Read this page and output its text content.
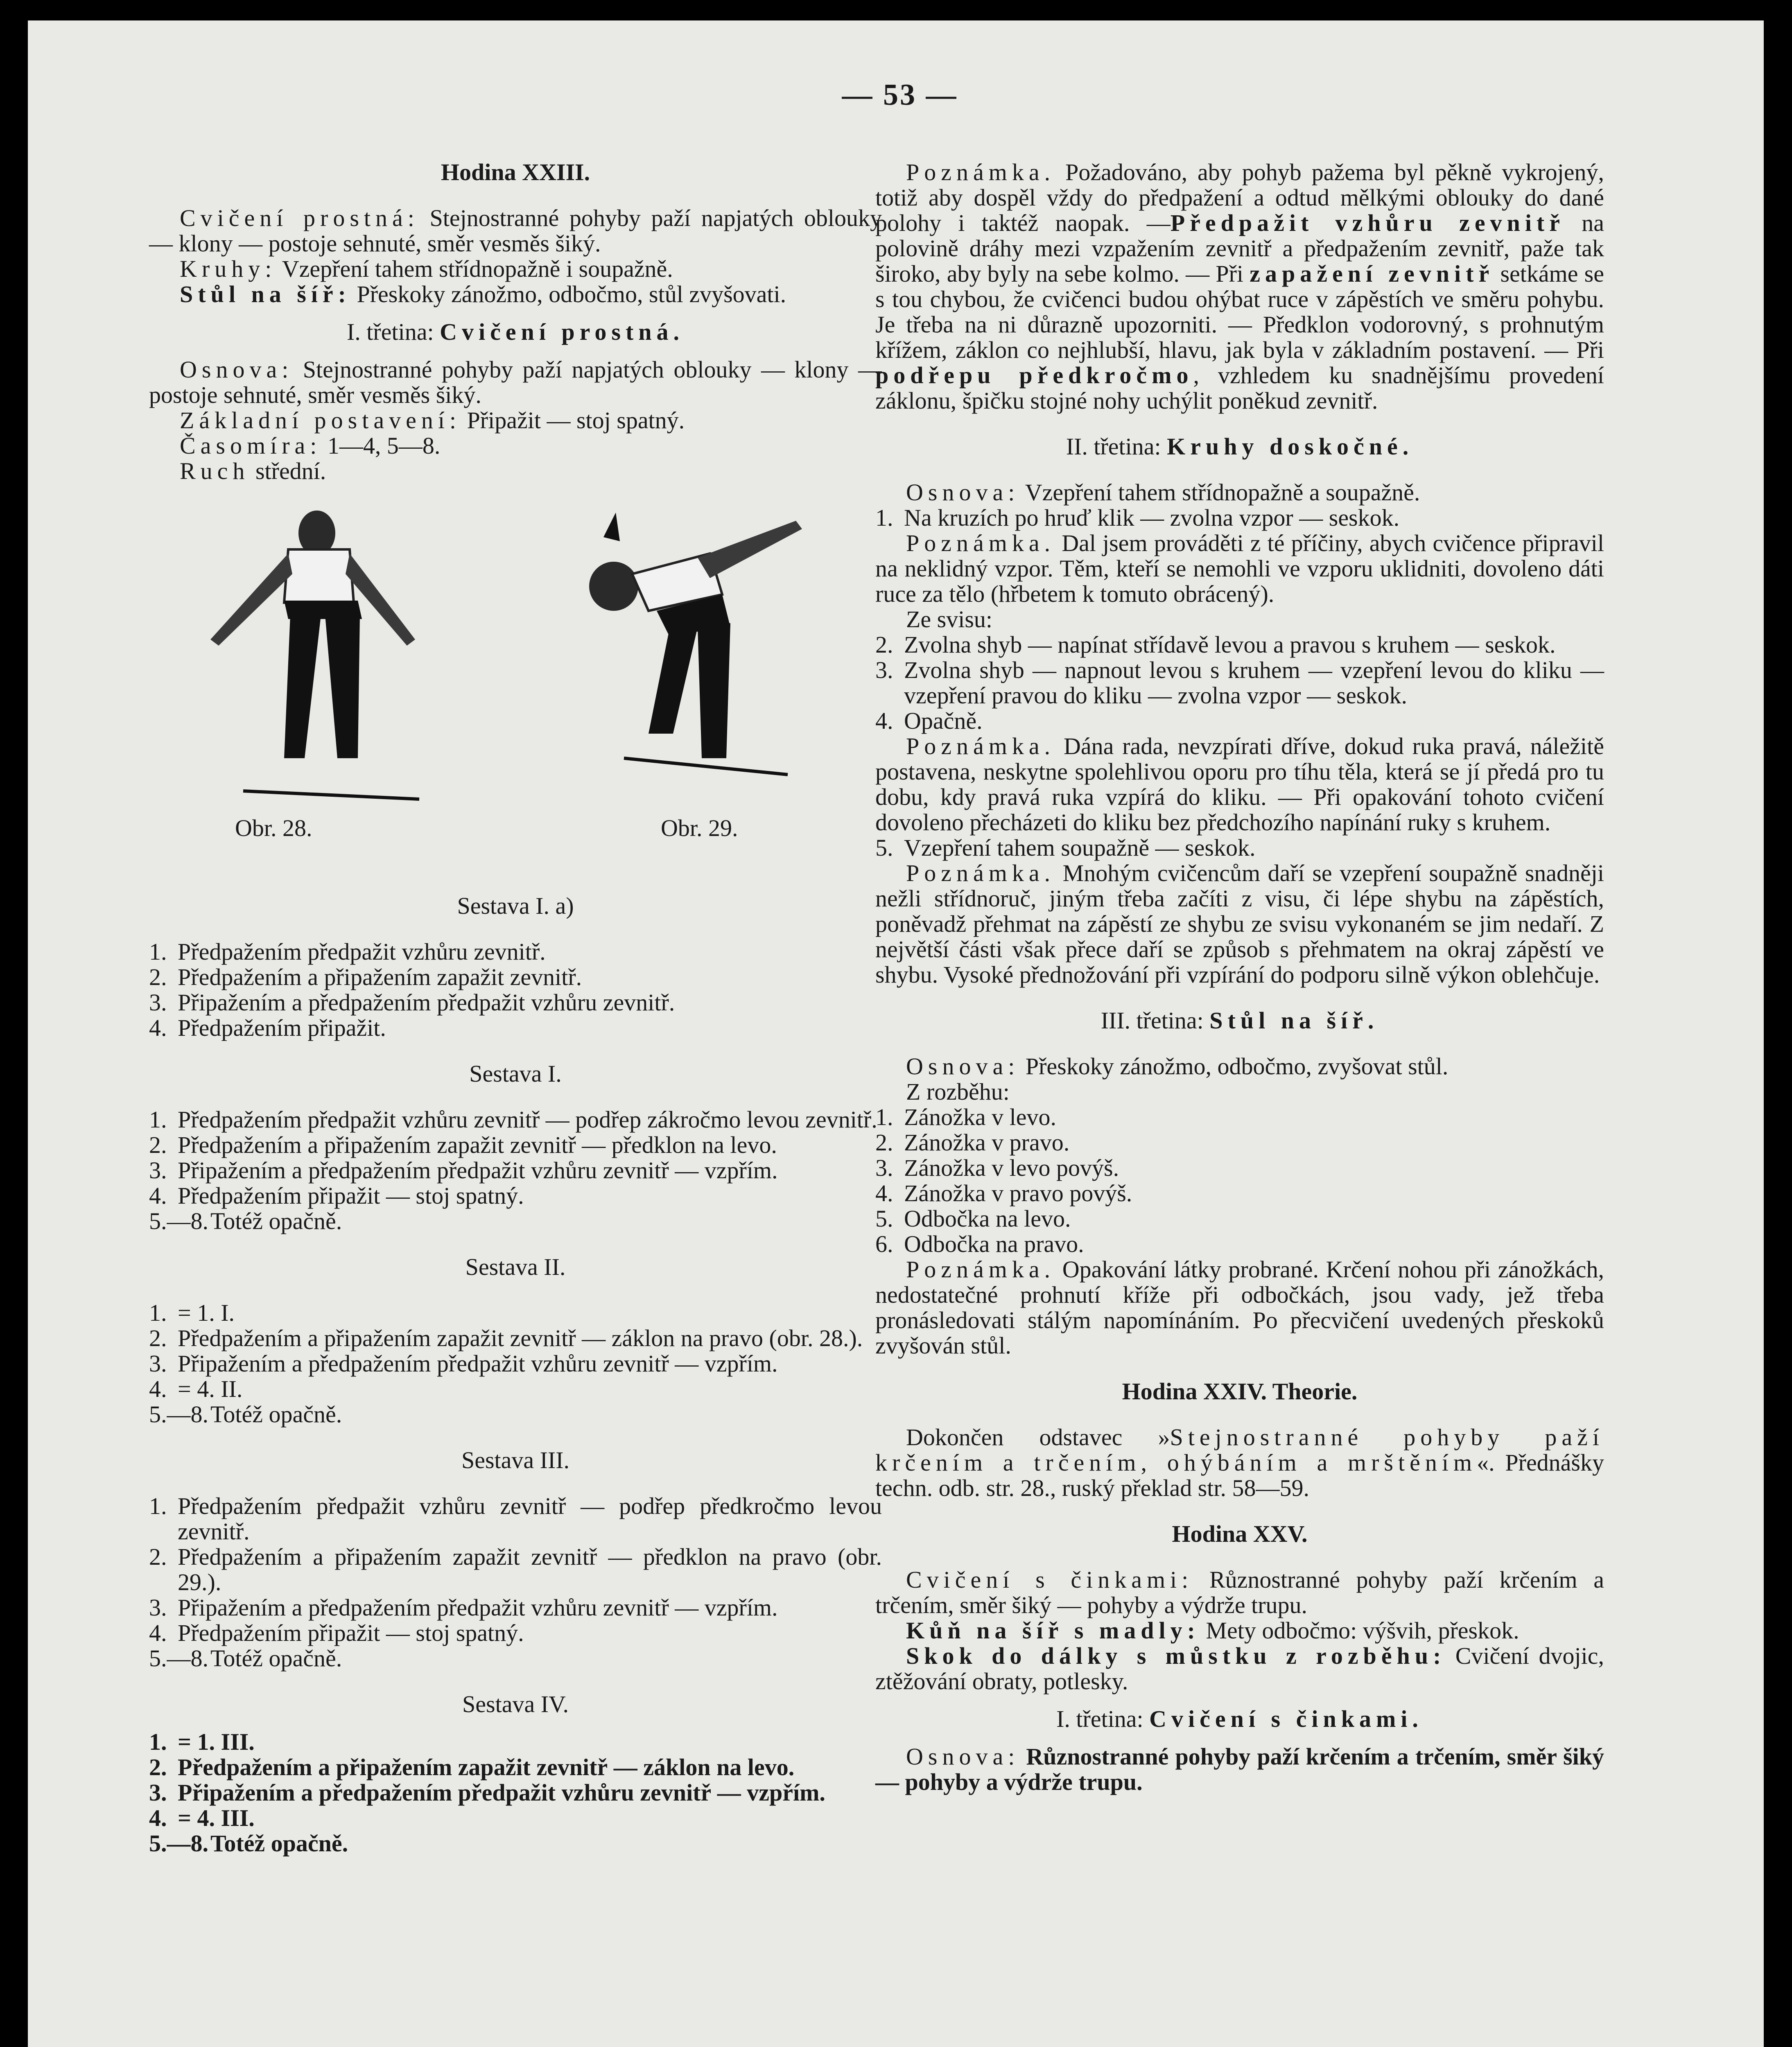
— 53 —

Hodina XXIII.

Cvičení prostná: Stejnostranné pohyby paží napjatých oblouky — klony — postoje sehnuté, směr vesměs šiký.

Kruhy: Vzepření tahem střídnopažně i soupažně.

Stůl na šíř: Přeskoky zánožmo, odbočmo, stůl zvyšovati.

I. třetina: Cvičení prostná.

Osnova: Stejnostranné pohyby paží napjatých oblouky — klony — postoje sehnuté, směr vesměs šiký.

Základní postavení: Připažit — stoj spatný.

Časomíra: 1—4, 5—8.

Ruch střední.

Obr. 28.	Obr. 29.

Sestava I. a)

1. Předpažením předpažit vzhůru zevnitř.

2. Předpažením a připažením zapažit zevnitř.

3. Připažením a předpažením předpažit vzhůru zevnitř.

4. Předpažením připažit.

Sestava I.

1. Předpažením předpažit vzhůru zevnitř — podřep zákročmo levou zevnitř.

2. Předpažením a připažením zapažit zevnitř — předklon na levo.

3. Připažením a předpažením předpažit vzhůru zevnitř — vzpřím.

4. Předpažením připažit — stoj spatný.

5.—8. Totéž opačně.

Sestava II.

1. = 1. I.

2. Předpažením a připažením zapažit zevnitř — záklon na pravo (obr. 28.).

3. Připažením a předpažením předpažit vzhůru zevnitř — vzpřím.

4. = 4. II.

5.—8. Totéž opačně.

Sestava III.

1. Předpažením předpažit vzhůru zevnitř — podřep předkročmo levou zevnitř.

2. Předpažením a připažením zapažit zevnitř — předklon na pravo (obr. 29.).

3. Připažením a předpažením předpažit vzhůru zevnitř — vzpřím.

4. Předpažením připažit — stoj spatný.

5.—8. Totéž opačně.

Sestava IV.

1. = 1. III.

2. Předpažením a připažením zapažit zevnitř — záklon na levo.

3. Připažením a předpažením předpažit vzhůru zevnitř — vzpřím.

4. = 4. III.

5.—8. Totéž opačně.

Poznámka. Požadováno, aby pohyb pažema byl pěkně vykrojený, totiž aby dospěl vždy do předpažení a odtud mělkými oblouky do dané polohy i taktéž naopak. —Předpažit vzhůru zevnitř na polovině dráhy mezi vzpažením zevnitř a předpažením zevnitř, paže tak široko, aby byly na sebe kolmo. — Při zapažení zevnitř setkáme se s tou chybou, že cvičenci budou ohýbat ruce v zápěstích ve směru pohybu. Je třeba na ni důrazně upozorniti. — Předklon vodorovný, s prohnutým křížem, záklon co nejhlubší, hlavu, jak byla v základním postavení. — Při podřepu předkročmo, vzhledem ku snadnějšímu provedení záklonu, špičku stojné nohy uchýlit poněkud zevnitř.

II. třetina: Kruhy doskočné.

Osnova: Vzepření tahem střídnopažně a soupažně.

1. Na kruzích po hruď klik — zvolna vzpor — seskok.

Poznámka. Dal jsem prováděti z té příčiny, abych cvičence připravil na neklidný vzpor. Těm, kteří se nemohli ve vzporu uklidniti, dovoleno dáti ruce za tělo (hřbetem k tomuto obrácený).

Ze svisu:

2. Zvolna shyb — napínat střídavě levou a pravou s kruhem — seskok.

3. Zvolna shyb — napnout levou s kruhem — vzepření levou do kliku — vzepření pravou do kliku — zvolna vzpor — seskok.

4. Opačně.

Poznámka. Dána rada, nevzpírati dříve, dokud ruka pravá, náležitě postavena, neskytne spolehlivou oporu pro tíhu těla, která se jí předá pro tu dobu, kdy pravá ruka vzpírá do kliku. — Při opakování tohoto cvičení dovoleno přecházeti do kliku bez předchozího napínání ruky s kruhem.

5. Vzepření tahem soupažně — seskok.

Poznámka. Mnohým cvičencům daří se vzepření soupažně snadněji nežli střídnoruč, jiným třeba začíti z visu, či lépe shybu na zápěstích, poněvadž přehmat na zápěstí ze shybu ze svisu vykonaném se jim nedaří. Z největší části však přece daří se způsob s přehmatem na okraj zápěstí ve shybu. Vysoké přednožování při vzpírání do podporu silně výkon oblehčuje.

III. třetina: Stůl na šíř.

Osnova: Přeskoky zánožmo, odbočmo, zvyšovat stůl.

Z rozběhu:

1. Zánožka v levo.

2. Zánožka v pravo.

3. Zánožka v levo povýš.

4. Zánožka v pravo povýš.

5. Odbočka na levo.

6. Odbočka na pravo.

Poznámka. Opakování látky probrané. Krčení nohou při zánožkách, nedostatečné prohnutí kříže při odbočkách, jsou vady, jež třeba pronásledovati stálým napomínáním. Po přecvičení uvedených přeskoků zvyšován stůl.

Hodina XXIV. Theorie.

Dokončen odstavec »Stejnostranné pohyby paží krčením a trčením, ohýbáním a mrštěním«. Přednášky techn. odb. str. 28., ruský překlad str. 58—59.

Hodina XXV.

Cvičení s činkami: Různostranné pohyby paží krčením a trčením, směr šiký — pohyby a výdrže trupu.

Kůň na šíř s madly: Mety odbočmo: výšvih, přeskok.

Skok do dálky s můstku z rozběhu: Cvičení dvojic, ztěžování obraty, potlesky.

I. třetina: Cvičení s činkami.

Osnova: Různostranné pohyby paží krčením a trčením, směr šiký — pohyby a výdrže trupu.
